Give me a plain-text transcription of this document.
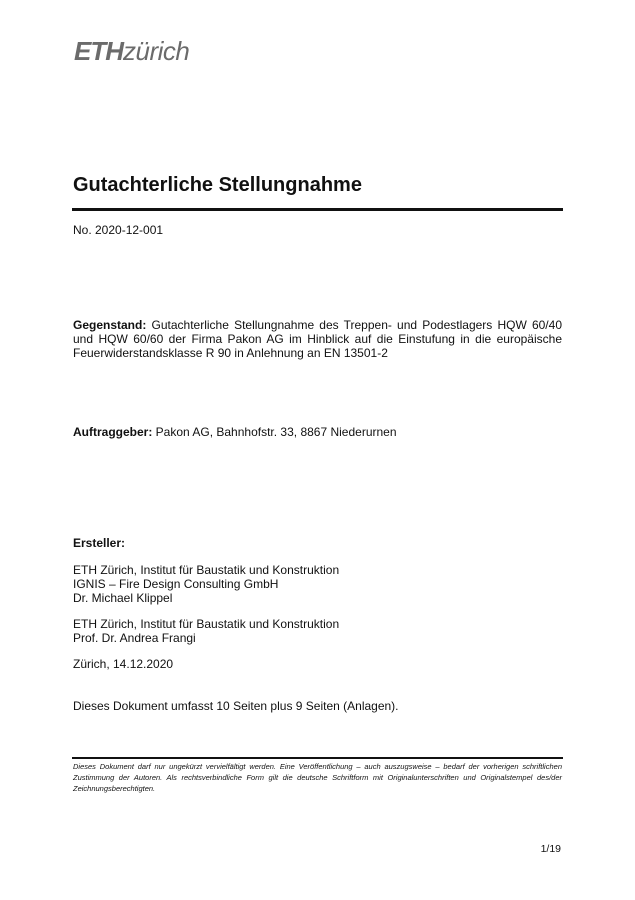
ETHzürich
Gutachterliche Stellungnahme
No. 2020-12-001
Gegenstand: Gutachterliche Stellungnahme des Treppen- und Podestlagers HQW 60/40 und HQW 60/60 der Firma Pakon AG im Hinblick auf die Einstufung in die europäische Feuerwiderstandsklasse R 90 in Anlehnung an EN 13501-2
Auftraggeber: Pakon AG, Bahnhofstr. 33, 8867 Niederurnen
Ersteller:
ETH Zürich, Institut für Baustatik und Konstruktion
IGNIS – Fire Design Consulting GmbH
Dr. Michael Klippel
ETH Zürich, Institut für Baustatik und Konstruktion
Prof. Dr. Andrea Frangi
Zürich, 14.12.2020
Dieses Dokument umfasst 10 Seiten plus 9 Seiten (Anlagen).
Dieses Dokument darf nur ungekürzt vervielfältigt werden. Eine Veröffentlichung – auch auszugsweise – bedarf der vorherigen schriftlichen Zustimmung der Autoren. Als rechtsverbindliche Form gilt die deutsche Schriftform mit Originalunterschriften und Originalstempel des/der Zeichnungsberechtigten.
1/19
